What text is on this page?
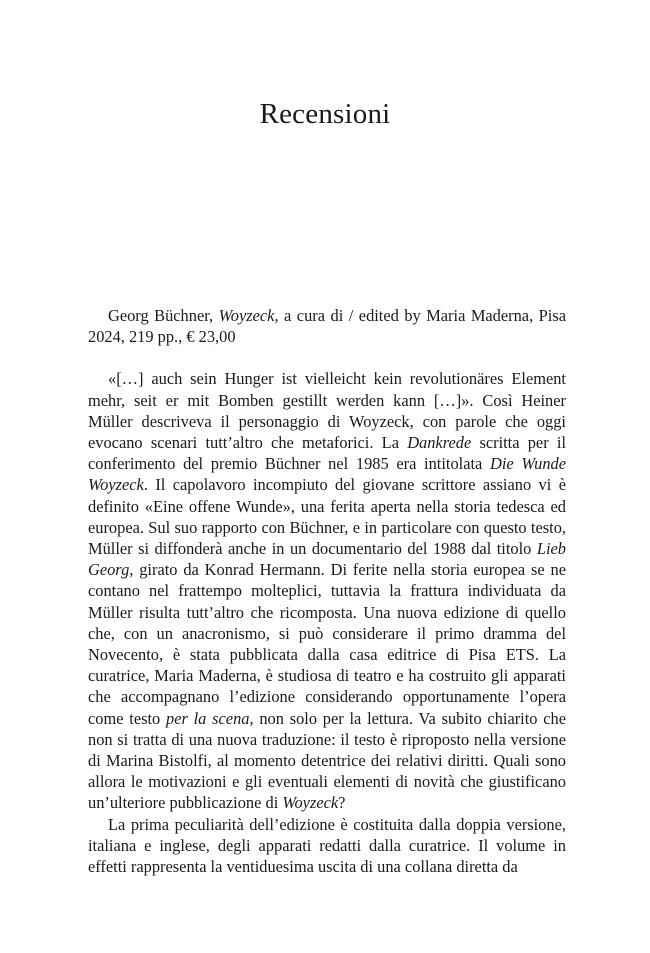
Recensioni

Georg Büchner, Woyzeck, a cura di / edited by Maria Maderna, Pisa 2024, 219 pp., € 23,00

«[…] auch sein Hunger ist vielleicht kein revolutionäres Element mehr, seit er mit Bomben gestillt werden kann […]». Così Heiner Müller descriveva il personaggio di Woyzeck, con parole che oggi evocano scenari tutt’altro che metaforici. La Dankrede scritta per il conferimento del premio Büchner nel 1985 era intitolata Die Wunde Woyzeck. Il capolavoro incompiuto del giovane scrittore assiano vi è definito «Eine offene Wunde», una ferita aperta nella storia tedesca ed europea. Sul suo rapporto con Büchner, e in particolare con questo testo, Müller si diffonderà anche in un documentario del 1988 dal titolo Lieb Georg, girato da Konrad Hermann. Di ferite nella storia europea se ne contano nel frattempo molteplici, tuttavia la frattura individuata da Müller risulta tutt’altro che ricomposta. Una nuova edizione di quello che, con un anacronismo, si può considerare il primo dramma del Novecento, è stata pubblicata dalla casa editrice di Pisa ETS. La curatrice, Maria Maderna, è studiosa di teatro e ha costruito gli apparati che accompagnano l’edizione considerando opportunamente l’opera come testo per la scena, non solo per la lettura. Va subito chiarito che non si tratta di una nuova traduzione: il testo è riproposto nella versione di Marina Bistolfi, al momento detentrice dei relativi diritti. Quali sono allora le motivazioni e gli eventuali elementi di novità che giustificano un’ulteriore pubblicazione di Woyzeck?

La prima peculiarità dell’edizione è costituita dalla doppia versione, italiana e inglese, degli apparati redatti dalla curatrice. Il volume in effetti rappresenta la ventiduesima uscita di una collana diretta da
